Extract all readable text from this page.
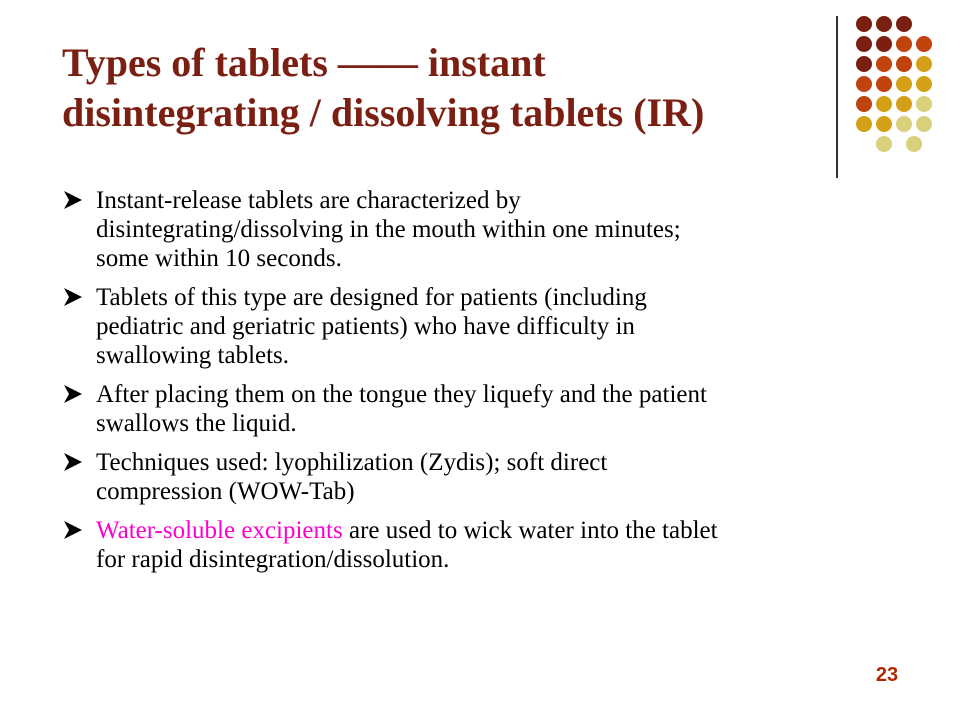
Types of tablets —— instant
disintegrating / dissolving tablets (IR)
Instant-release tablets are characterized by
disintegrating/dissolving in the mouth within one minutes;
some within 10 seconds.
Tablets of this type are designed for patients (including
pediatric and geriatric patients) who have difficulty in
swallowing tablets.
After placing them on the tongue they liquefy and the patient
swallows the liquid.
Techniques used: lyophilization (Zydis); soft direct
compression (WOW-Tab)
Water-soluble excipients are used to wick water into the tablet
for rapid disintegration/dissolution.
23
